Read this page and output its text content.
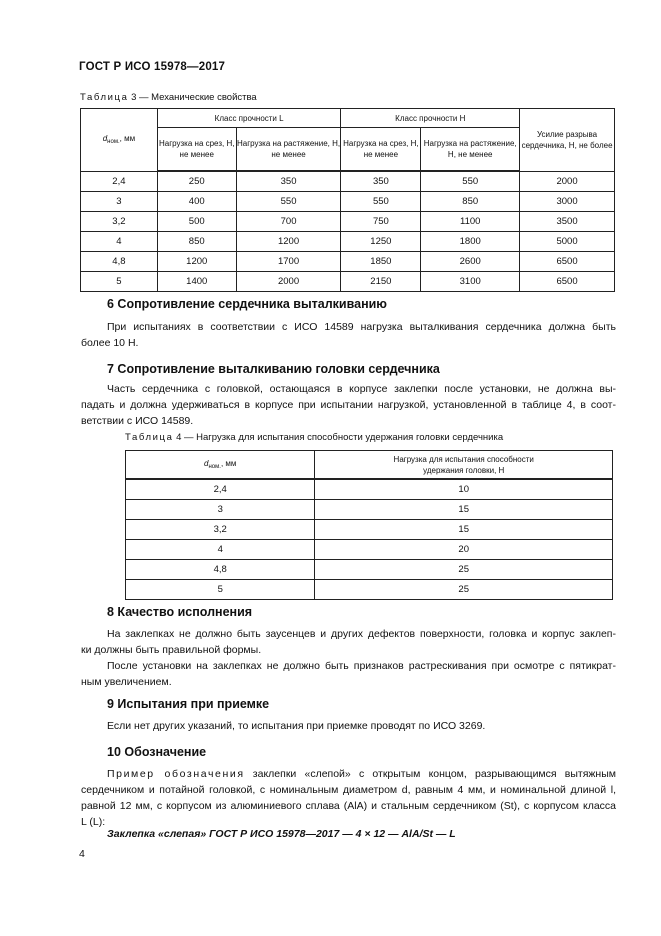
ГОСТ Р ИСО 15978—2017
Таблица 3 — Механические свойства
$d_{ном.}$, мм	Класс прочности L		Класс прочности H		Усилие разрыва сердечника, Н, не более
	Нагрузка на срез, Н, не менее	Нагрузка на растяжение, Н, не менее	Нагрузка на срез, Н, не менее	Нагрузка на растяжение, Н, не менее	
2,4	250	350	350	550	2000
3	400	550	550	850	3000
3,2	500	700	750	1100	3500
4	850	1200	1250	1800	5000
4,8	1200	1700	1850	2600	6500
5	1400	2000	2150	3100	6500
6 Сопротивление сердечника выталкиванию
При испытаниях в соответствии с ИСО 14589 нагрузка выталкивания сердечника должна быть
более 10 Н.
7 Сопротивление выталкиванию головки сердечника
Часть сердечника с головкой, остающаяся в корпусе заклепки после установки, не должна вы-
падать и должна удерживаться в корпусе при испытании нагрузкой, установленной в таблице 4, в соот-
ветствии с ИСО 14589.
Таблица 4 — Нагрузка для испытания способности удержания головки сердечника
$d_{ном.}$, мм	Нагрузка для испытания способности удержания головки, Н
2,4	10
3	15
3,2	15
4	20
4,8	25
5	25
8 Качество исполнения
На заклепках не должно быть заусенцев и других дефектов поверхности, головка и корпус заклеп-
ки должны быть правильной формы.
После установки на заклепках не должно быть признаков растрескивания при осмотре с пятикрат-
ным увеличением.
9 Испытания при приемке
Если нет других указаний, то испытания при приемке проводят по ИСО 3269.
10 Обозначение
Пример обозначения заклепки «слепой» с открытым концом, разрывающимся вытяжным
сердечником и потайной головкой, с номинальным диаметром d, равным 4 мм, и номинальной длиной l,
равной 12 мм, с корпусом из алюминиевого сплава (AlA) и стальным сердечником (St), с корпусом класса
L (L):
Заклепка «слепая» ГОСТ Р ИСО 15978—2017 — 4 × 12 — AlA/St — L
4
